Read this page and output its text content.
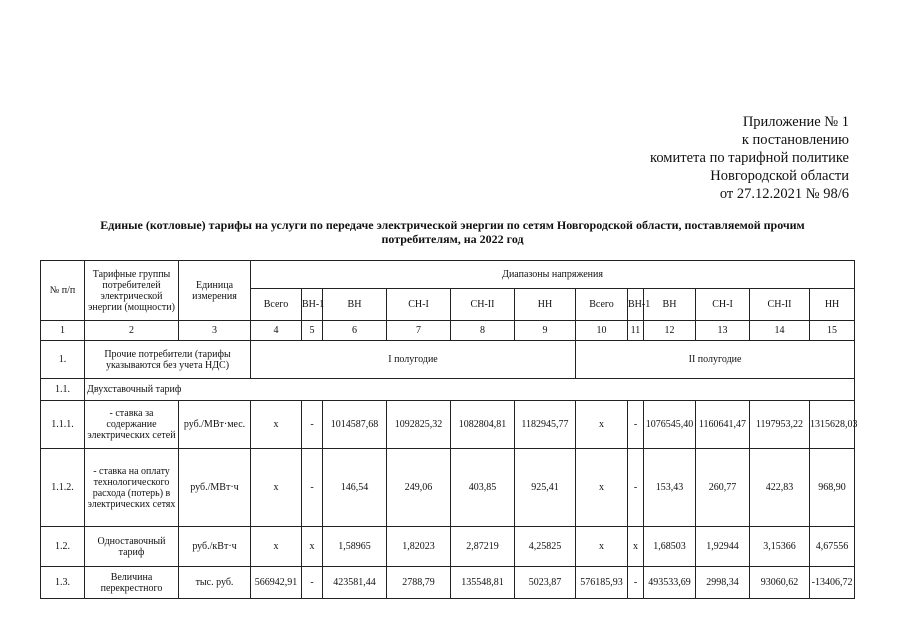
Приложение № 1
к постановлению
комитета по тарифной политике
Новгородской области
от 27.12.2021 № 98/6
Единые (котловые) тарифы на услуги по передаче электрической энергии по сетям Новгородской области, поставляемой прочим
потребителям, на 2022 год
№ п/п	Тарифные группы потребителей электрической энергии (мощности)	Единица измерения	Диапазоны напряжения											
			Всего	ВН-1	ВН	СН-I	СН-II	НН	Всего	ВН-1	ВН	СН-I	СН-II	НН
1	2	3	4	5	6	7	8	9	10	11	12	13	14	15
1.	Прочие потребители (тарифы указываются без учета НДС)		I полугодие						II полугодие					
1.1.	Двухставочный тариф													
1.1.1.	- ставка за содержание электрических сетей	руб./МВт·мес.	х	-	1014587,68	1092825,32	1082804,81	1182945,77	х	-	1076545,40	1160641,47	1197953,22	1315628,03
1.1.2.	- ставка на оплату технологического расхода (потерь) в электрических сетях	руб./МВт·ч	х	-	146,54	249,06	403,85	925,41	х	-	153,43	260,77	422,83	968,90
1.2.	Одноставочный тариф	руб./кВт·ч	х	х	1,58965	1,82023	2,87219	4,25825	х	х	1,68503	1,92944	3,15366	4,67556
1.3.	Величина перекрестного	тыс. руб.	566942,91	-	423581,44	2788,79	135548,81	5023,87	576185,93	-	493533,69	2998,34	93060,62	-13406,72
